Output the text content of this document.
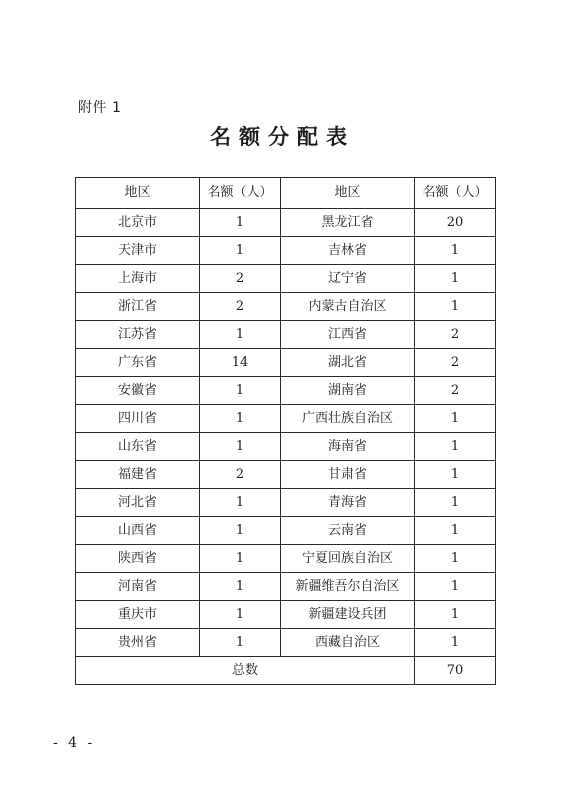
附件 1
名额分配表
地区	名额（人）	地区	名额（人）
北京市	1	黑龙江省	20
天津市	1	吉林省	1
上海市	2	辽宁省	1
浙江省	2	内蒙古自治区	1
江苏省	1	江西省	2
广东省	14	湖北省	2
安徽省	1	湖南省	2
四川省	1	广西壮族自治区	1
山东省	1	海南省	1
福建省	2	甘肃省	1
河北省	1	青海省	1
山西省	1	云南省	1
陕西省	1	宁夏回族自治区	1
河南省	1	新疆维吾尔自治区	1
重庆市	1	新疆建设兵团	1
贵州省	1	西藏自治区	1
总数			70
- 4 -
